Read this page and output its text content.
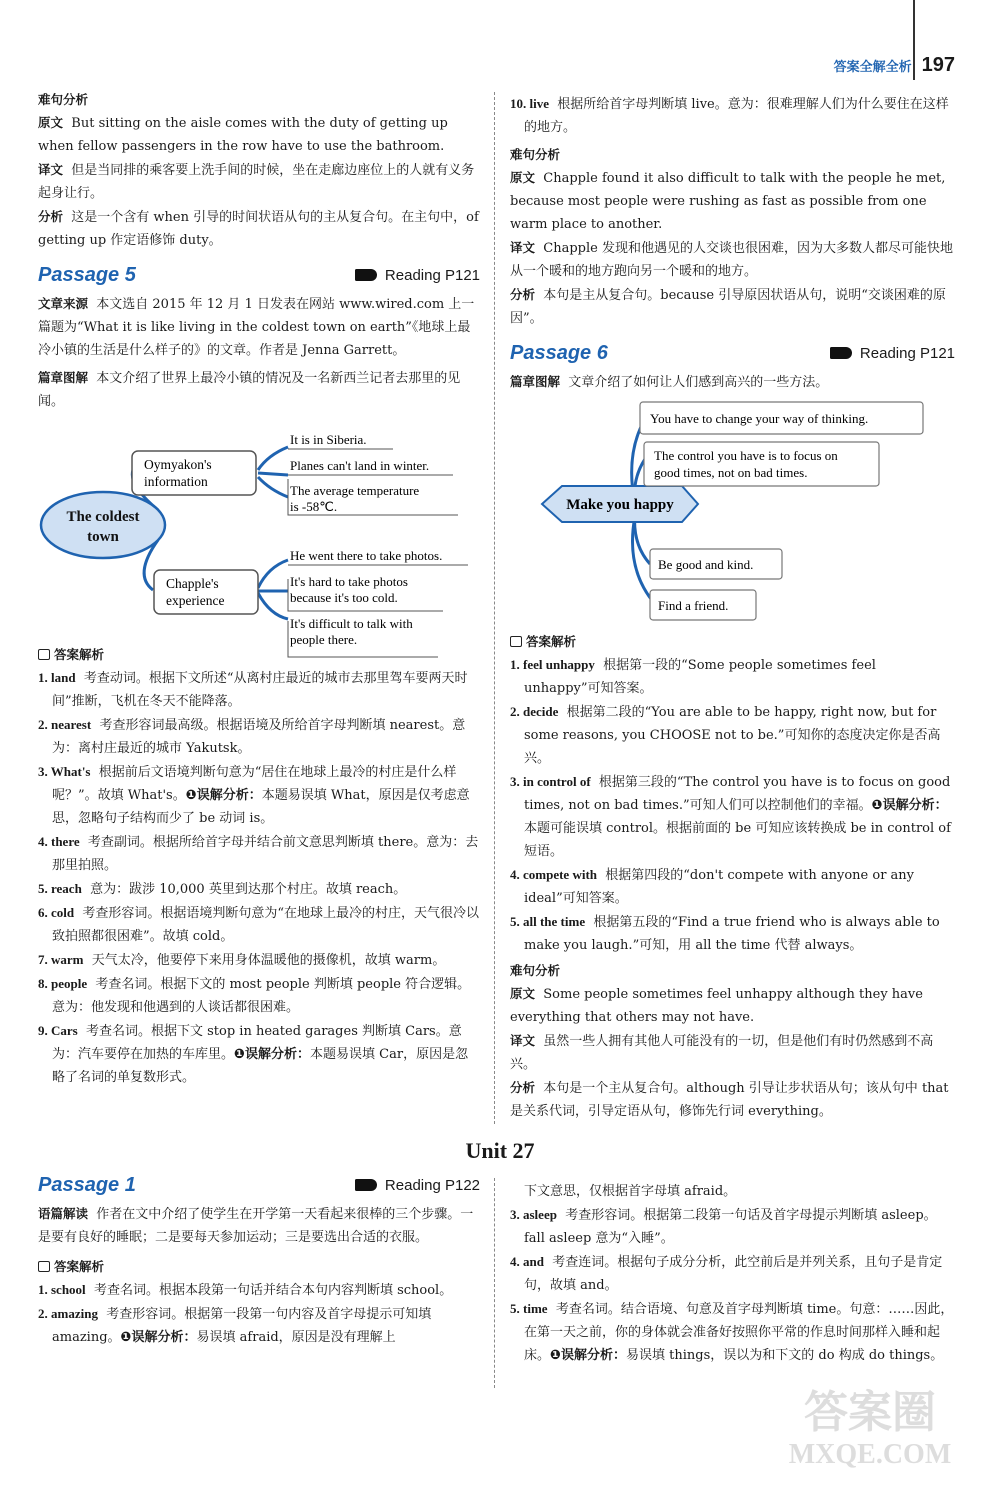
答案全解全析 197

难句分析

原文 But sitting on the aisle comes with the duty of getting up when fellow passengers in the row have to use the bathroom.

译文 但是当同排的乘客要上洗手间的时候，坐在走廊边座位上的人就有义务起身让行。

分析 这是一个含有 when 引导的时间状语从句的主从复合句。在主句中，of getting up 作定语修饰 duty。

Passage 5	Reading P121

文章来源 本文选自 2015 年 12 月 1 日发表在网站 www.wired.com 上一篇题为“What it is like living in the coldest town on earth”《地球上最冷小镇的生活是什么样子的》的文章。作者是 Jenna Garrett。

篇章图解 本文介绍了世界上最冷小镇的情况及一名新西兰记者去那里的见闻。

The coldest
town
Oymyakon's
information
Chapple's
experience
It is in Siberia.
Planes can't land in winter.
The average temperature
is -58℃.
He went there to take photos.
It's hard to take photos
because it's too cold.
It's difficult to talk with
people there.

答案解析

1. land 考查动词。根据下文所述“从离村庄最近的城市去那里驾车要两天时间”推断，飞机在冬天不能降落。

2. nearest 考查形容词最高级。根据语境及所给首字母判断填 nearest。意为：离村庄最近的城市 Yakutsk。

3. What's 根据前后文语境判断句意为“居住在地球上最冷的村庄是什么样呢？”。故填 What's。❶误解分析：本题易误填 What，原因是仅考虑意思，忽略句子结构而少了 be 动词 is。

4. there 考查副词。根据所给首字母并结合前文意思判断填 there。意为：去那里拍照。

5. reach 意为：跋涉 10,000 英里到达那个村庄。故填 reach。

6. cold 考查形容词。根据语境判断句意为“在地球上最冷的村庄，天气很冷以致拍照都很困难”。故填 cold。

7. warm 天气太冷，他要停下来用身体温暖他的摄像机，故填 warm。

8. people 考查名词。根据下文的 most people 判断填 people 符合逻辑。意为：他发现和他遇到的人谈话都很困难。

9. Cars 考查名词。根据下文 stop in heated garages 判断填 Cars。意为：汽车要停在加热的车库里。❶误解分析：本题易误填 Car，原因是忽略了名词的单复数形式。

10. live 根据所给首字母判断填 live。意为：很难理解人们为什么要住在这样的地方。

难句分析

原文 Chapple found it also difficult to talk with the people he met, because most people were rushing as fast as possible from one warm place to another.

译文 Chapple 发现和他遇见的人交谈也很困难，因为大多数人都尽可能快地从一个暖和的地方跑向另一个暖和的地方。

分析 本句是主从复合句。because 引导原因状语从句，说明“交谈困难的原因”。

Passage 6	Reading P121

篇章图解 文章介绍了如何让人们感到高兴的一些方法。

Make you happy
You have to change your way of thinking.
The control you have is to focus on
good times, not on bad times.
Be good and kind.
Find a friend.

答案解析

1. feel unhappy 根据第一段的“Some people sometimes feel unhappy”可知答案。

2. decide 根据第二段的“You are able to be happy, right now, but for some reasons, you CHOOSE not to be.”可知你的态度决定你是否高兴。

3. in control of 根据第三段的“The control you have is to focus on good times, not on bad times.”可知人们可以控制他们的幸福。❶误解分析：本题可能误填 control。根据前面的 be 可知应该转换成 be in control of 短语。

4. compete with 根据第四段的“don't compete with anyone or any ideal”可知答案。

5. all the time 根据第五段的“Find a true friend who is always able to make you laugh.”可知，用 all the time 代替 always。

难句分析

原文 Some people sometimes feel unhappy although they have everything that others may not have.

译文 虽然一些人拥有其他人可能没有的一切，但是他们有时仍然感到不高兴。

分析 本句是一个主从复合句。although 引导让步状语从句；该从句中 that 是关系代词，引导定语从句，修饰先行词 everything。

Unit 27
Passage 1	Reading P122

语篇解读 作者在文中介绍了使学生在开学第一天看起来很棒的三个步骤。一是要有良好的睡眠；二是要每天参加运动；三是要选出合适的衣服。

答案解析

1. school 考查名词。根据本段第一句话并结合本句内容判断填 school。

2. amazing 考查形容词。根据第一段第一句内容及首字母提示可知填 amazing。❶误解分析：易误填 afraid，原因是没有理解上

下文意思，仅根据首字母填 afraid。

3. asleep 考查形容词。根据第二段第一句话及首字母提示判断填 asleep。fall asleep 意为“入睡”。

4. and 考查连词。根据句子成分分析，此空前后是并列关系，且句子是肯定句，故填 and。

5. time 考查名词。结合语境、句意及首字母判断填 time。句意：……因此，在第一天之前，你的身体就会准备好按照你平常的作息时间那样入睡和起床。❶误解分析：易误填 things，误以为和下文的 do 构成 do things。

答案圈
MXQE.COM
